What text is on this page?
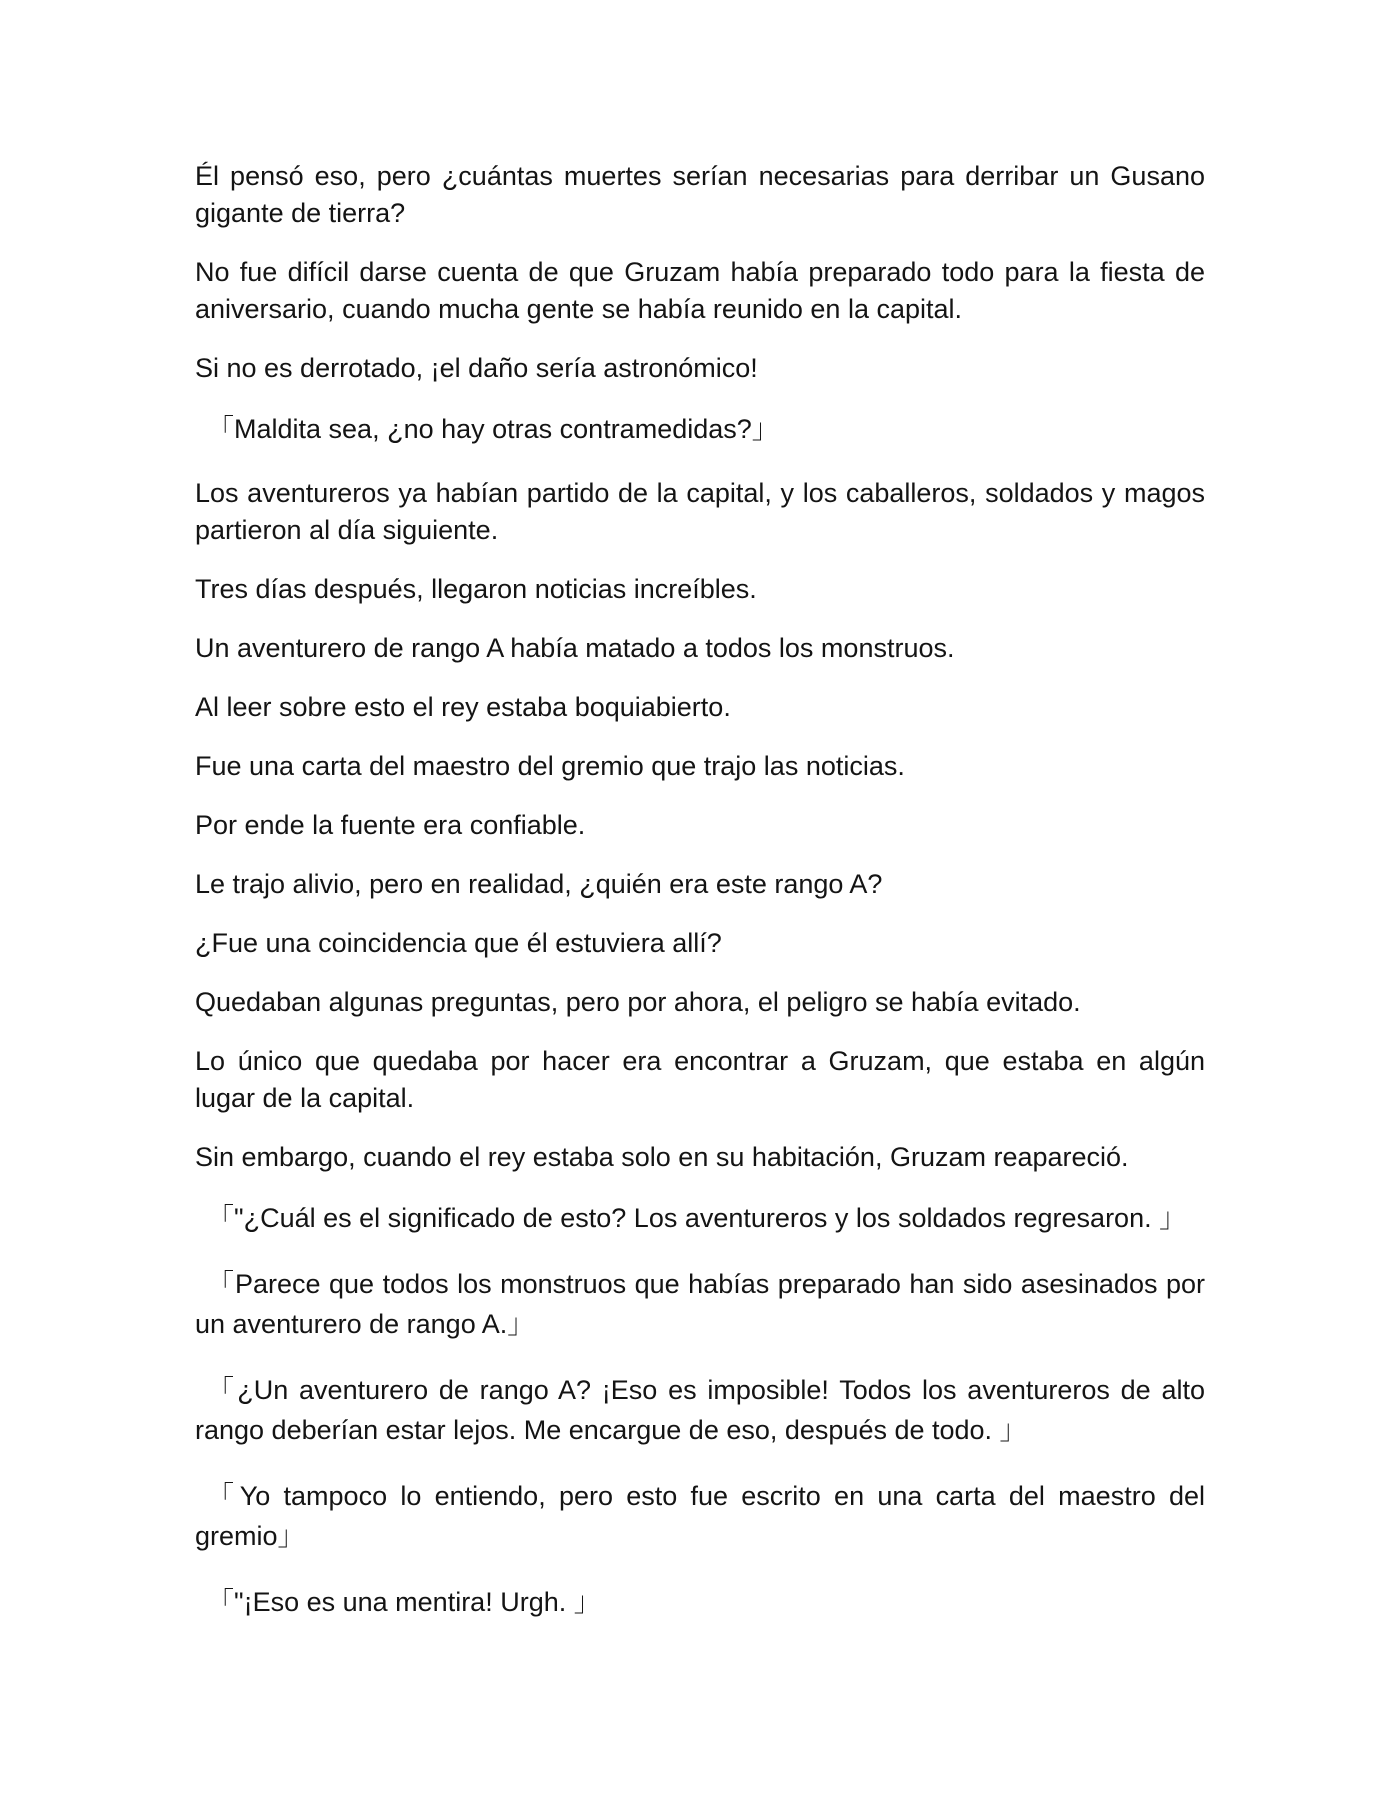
Él pensó eso, pero ¿cuántas muertes serían necesarias para derribar un Gusano gigante de tierra?

No fue difícil darse cuenta de que Gruzam había preparado todo para la fiesta de aniversario, cuando mucha gente se había reunido en la capital.

Si no es derrotado, ¡el daño sería astronómico!

「Maldita sea, ¿no hay otras contramedidas?」

Los aventureros ya habían partido de la capital, y los caballeros, soldados y magos partieron al día siguiente.

Tres días después, llegaron noticias increíbles.

Un aventurero de rango A había matado a todos los monstruos.

Al leer sobre esto el rey estaba boquiabierto.

Fue una carta del maestro del gremio que trajo las noticias.

Por ende la fuente era confiable.

Le trajo alivio, pero en realidad, ¿quién era este rango A?

¿Fue una coincidencia que él estuviera allí?

Quedaban algunas preguntas, pero por ahora, el peligro se había evitado.

Lo único que quedaba por hacer era encontrar a Gruzam, que estaba en algún lugar de la capital.

Sin embargo, cuando el rey estaba solo en su habitación, Gruzam reapareció.

「"¿Cuál es el significado de esto? Los aventureros y los soldados regresaron. 」

「Parece que todos los monstruos que habías preparado han sido asesinados por un aventurero de rango A.」

「¿Un aventurero de rango A? ¡Eso es imposible! Todos los aventureros de alto rango deberían estar lejos. Me encargue de eso, después de todo. 」

「Yo tampoco lo entiendo, pero esto fue escrito en una carta del maestro del gremio」

「"¡Eso es una mentira! Urgh. 」
